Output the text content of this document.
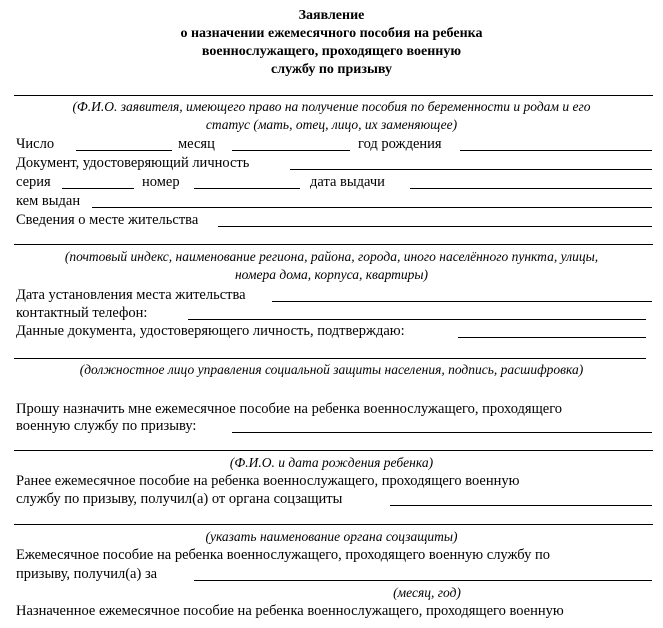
Заявление
о назначении ежемесячного пособия на ребенка
военнослужащего, проходящего военную
службу по призыву
(Ф.И.О. заявителя, имеющего право на получение пособия по беременности и родам и его
статус (мать, отец, лицо, их заменяющее)
Число	месяц	год рождения
Документ, удостоверяющий личность
серия	номер	дата выдачи
кем выдан
Сведения о месте жительства
(почтовый индекс, наименование региона, района, города, иного населённого пункта, улицы,
номера дома, корпуса, квартиры)
Дата установления места жительства
контактный телефон:
Данные документа, удостоверяющего личность, подтверждаю:
(должностное лицо управления социальной защиты населения, подпись, расшифровка)
Прошу назначить мне ежемесячное пособие на ребенка военнослужащего, проходящего
военную службу по призыву:
(Ф.И.О. и дата рождения ребенка)
Ранее ежемесячное пособие на ребенка военнослужащего, проходящего военную
службу по призыву, получил(а) от органа соцзащиты
(указать наименование органа соцзащиты)
Ежемесячное пособие на ребенка военнослужащего, проходящего военную службу по
призыву, получил(а) за
(месяц, год)
Назначенное ежемесячное пособие на ребенка военнослужащего, проходящего военную
